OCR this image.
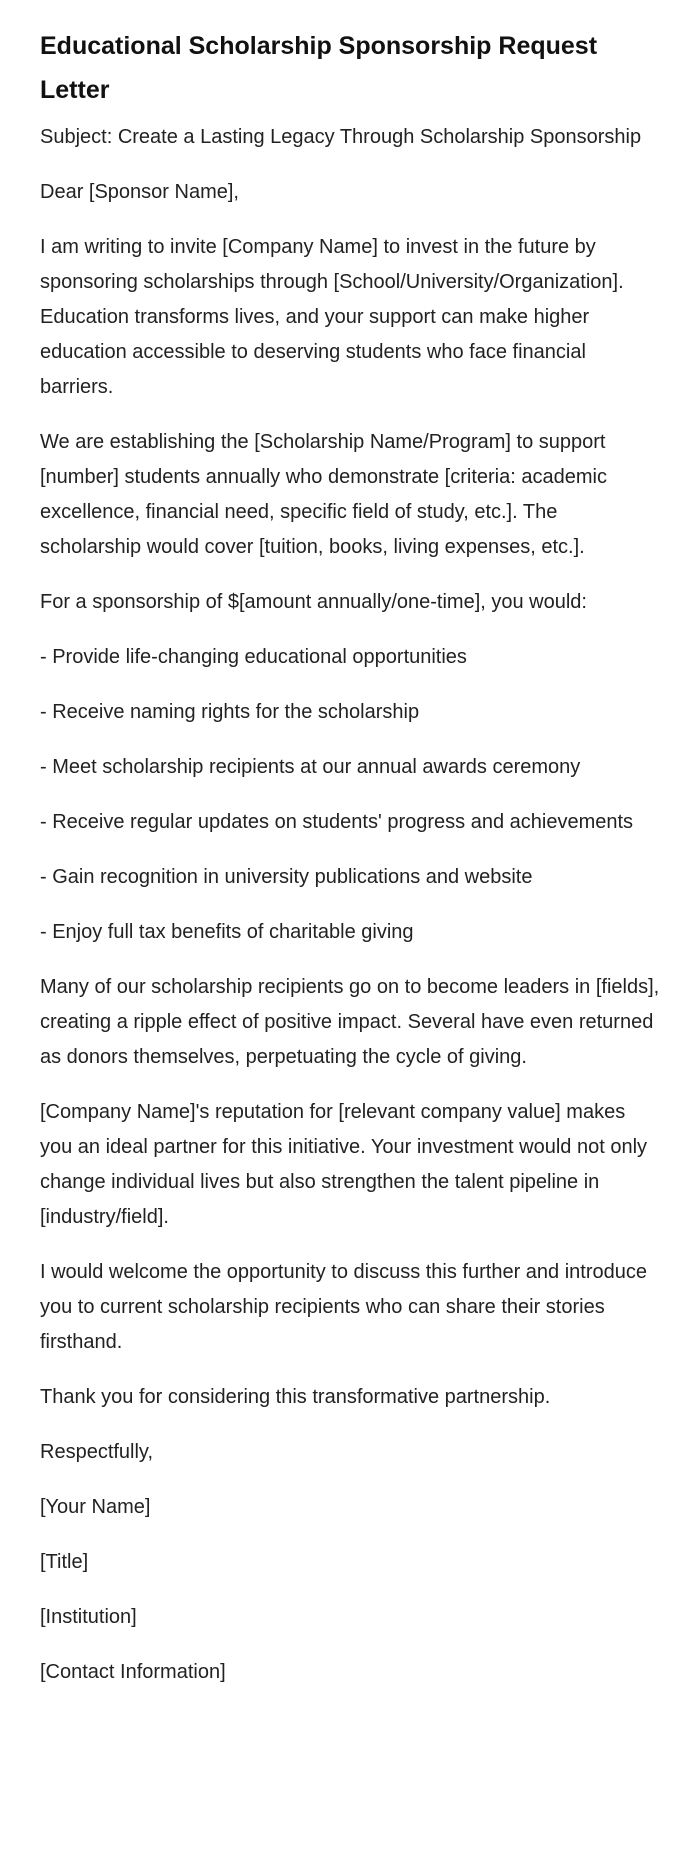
Educational Scholarship Sponsorship Request Letter

Subject: Create a Lasting Legacy Through Scholarship Sponsorship

Dear [Sponsor Name],

I am writing to invite [Company Name] to invest in the future by sponsoring scholarships through [School/University/Organization]. Education transforms lives, and your support can make higher education accessible to deserving students who face financial barriers.

We are establishing the [Scholarship Name/Program] to support [number] students annually who demonstrate [criteria: academic excellence, financial need, specific field of study, etc.]. The scholarship would cover [tuition, books, living expenses, etc.].

For a sponsorship of $[amount annually/one-time], you would:

- Provide life-changing educational opportunities

- Receive naming rights for the scholarship

- Meet scholarship recipients at our annual awards ceremony

- Receive regular updates on students' progress and achievements

- Gain recognition in university publications and website

- Enjoy full tax benefits of charitable giving

Many of our scholarship recipients go on to become leaders in [fields], creating a ripple effect of positive impact. Several have even returned as donors themselves, perpetuating the cycle of giving.

[Company Name]'s reputation for [relevant company value] makes you an ideal partner for this initiative. Your investment would not only change individual lives but also strengthen the talent pipeline in [industry/field].

I would welcome the opportunity to discuss this further and introduce you to current scholarship recipients who can share their stories firsthand.

Thank you for considering this transformative partnership.

Respectfully,

[Your Name]

[Title]

[Institution]

[Contact Information]
